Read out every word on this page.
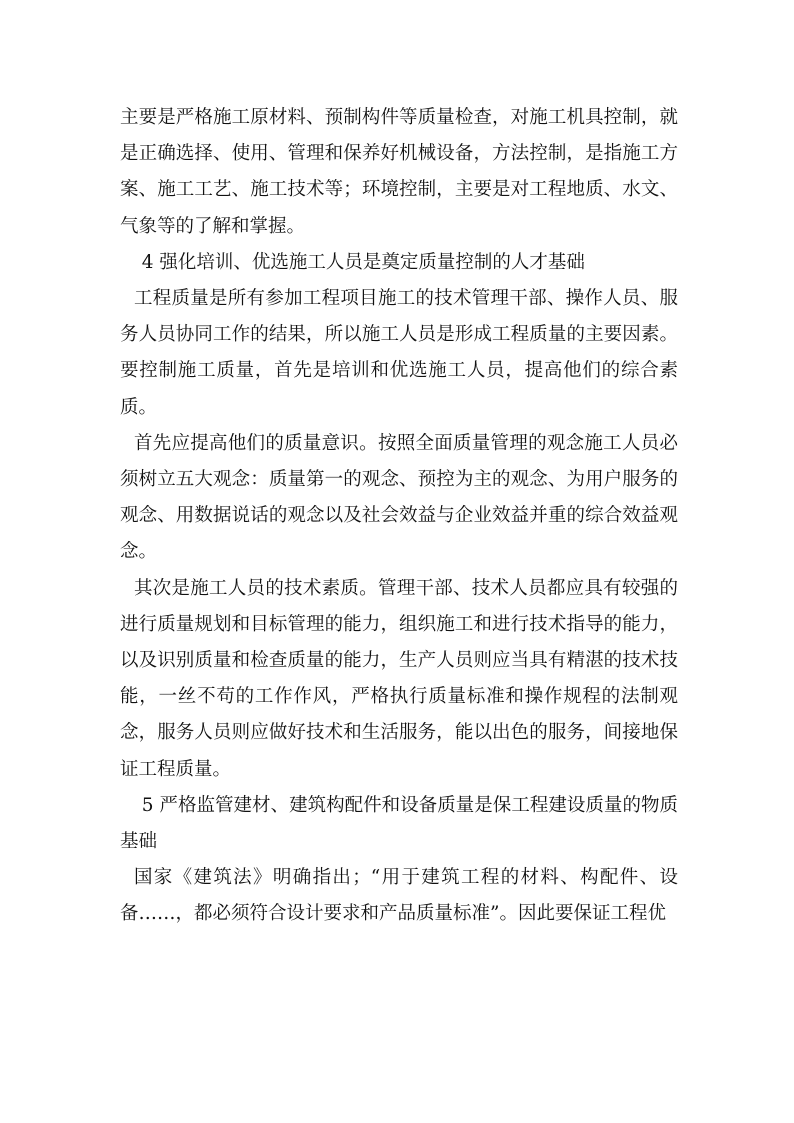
主要是严格施工原材料、预制构件等质量检查，对施工机具控制，就是正确选择、使用、管理和保养好机械设备，方法控制，是指施工方案、施工工艺、施工技术等；环境控制，主要是对工程地质、水文、气象等的了解和掌握。

4 强化培训、优选施工人员是奠定质量控制的人才基础

工程质量是所有参加工程项目施工的技术管理干部、操作人员、服务人员协同工作的结果，所以施工人员是形成工程质量的主要因素。要控制施工质量，首先是培训和优选施工人员，提高他们的综合素质。

首先应提高他们的质量意识。按照全面质量管理的观念施工人员必须树立五大观念：质量第一的观念、预控为主的观念、为用户服务的观念、用数据说话的观念以及社会效益与企业效益并重的综合效益观念。

其次是施工人员的技术素质。管理干部、技术人员都应具有较强的进行质量规划和目标管理的能力，组织施工和进行技术指导的能力，以及识别质量和检查质量的能力，生产人员则应当具有精湛的技术技能，一丝不苟的工作作风，严格执行质量标准和操作规程的法制观念，服务人员则应做好技术和生活服务，能以出色的服务，间接地保证工程质量。

5 严格监管建材、建筑构配件和设备质量是保工程建设质量的物质基础

国家《建筑法》明确指出；“用于建筑工程的材料、构配件、设备……，都必须符合设计要求和产品质量标准”。因此要保证工程优
